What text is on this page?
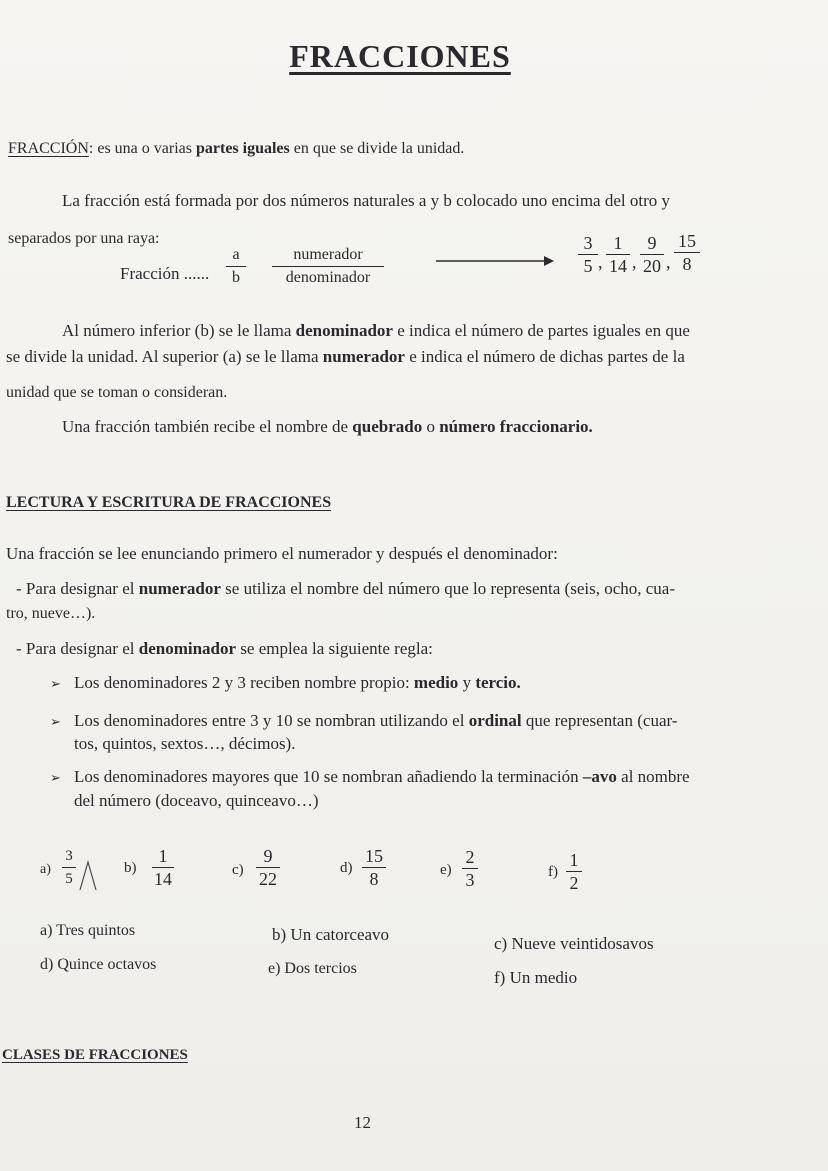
FRACCIONES
FRACCIÓN: es una o varias partes iguales en que se divide la unidad.
La fracción está formada por dos números naturales a y b colocado uno encima del otro y
separados por una raya:
Fracción ......
a
b
numerador
denominador
3
5 ,
1
14 ,
9
20 ,
15
8
Al número inferior (b) se le llama denominador e indica el número de partes iguales en que
se divide la unidad. Al superior (a) se le llama numerador e indica el número de dichas partes de la
unidad que se toman o consideran.
Una fracción también recibe el nombre de quebrado o número fraccionario.
LECTURA Y ESCRITURA DE FRACCIONES
Una fracción se lee enunciando primero el numerador y después el denominador:
- Para designar el numerador se utiliza el nombre del número que lo representa (seis, ocho, cua-
tro, nueve…).
- Para designar el denominador se emplea la siguiente regla:
➢ Los denominadores 2 y 3 reciben nombre propio: medio y tercio.
➢ Los denominadores entre 3 y 10 se nombran utilizando el ordinal que representan (cuar-
tos, quintos, sextos…, décimos).
➢ Los denominadores mayores que 10 se nombran añadiendo la terminación –avo al nombre
del número (doceavo, quinceavo…)
a)
3
5
b)
1
14	c)
9
22
d)
15
8	e)
2
3	f)
1
2
a) Tres quintos	b) Un catorceavo	c) Nueve veintidosavos
d) Quince octavos	e) Dos tercios	f) Un medio
CLASES DE FRACCIONES
12
